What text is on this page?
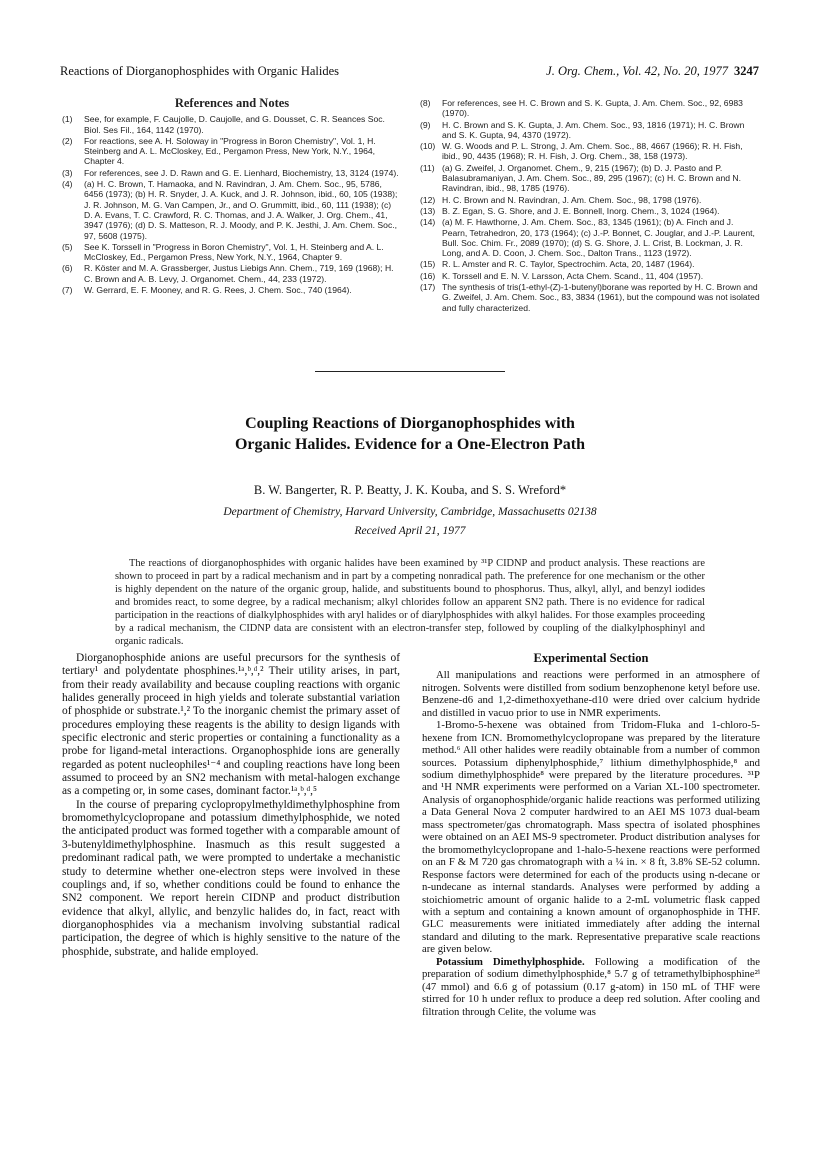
Reactions of Diorganophosphides with Organic Halides	J. Org. Chem., Vol. 42, No. 20, 1977 3247
References and Notes
(1)	See, for example, F. Caujolle, D. Caujolle, and G. Dousset, C. R. Seances Soc. Biol. Ses Fil., 164, 1142 (1970).
(2)	For reactions, see A. H. Soloway in "Progress in Boron Chemistry", Vol. 1, H. Steinberg and A. L. McCloskey, Ed., Pergamon Press, New York, N.Y., 1964, Chapter 4.
(3)	For references, see J. D. Rawn and G. E. Lienhard, Biochemistry, 13, 3124 (1974).
(4)	(a) H. C. Brown, T. Hamaoka, and N. Ravindran, J. Am. Chem. Soc., 95, 5786, 6456 (1973); (b) H. R. Snyder, J. A. Kuck, and J. R. Johnson, ibid., 60, 105 (1938); J. R. Johnson, M. G. Van Campen, Jr., and O. Grummitt, ibid., 60, 111 (1938); (c) D. A. Evans, T. C. Crawford, R. C. Thomas, and J. A. Walker, J. Org. Chem., 41, 3947 (1976); (d) D. S. Matteson, R. J. Moody, and P. K. Jesthi, J. Am. Chem. Soc., 97, 5608 (1975).
(5)	See K. Torssell in "Progress in Boron Chemistry", Vol. 1, H. Steinberg and A. L. McCloskey, Ed., Pergamon Press, New York, N.Y., 1964, Chapter 9.
(6)	R. Köster and M. A. Grassberger, Justus Liebigs Ann. Chem., 719, 169 (1968); H. C. Brown and A. B. Levy, J. Organomet. Chem., 44, 233 (1972).
(7)	W. Gerrard, E. F. Mooney, and R. G. Rees, J. Chem. Soc., 740 (1964).
(8)	For references, see H. C. Brown and S. K. Gupta, J. Am. Chem. Soc., 92, 6983 (1970).
(9)	H. C. Brown and S. K. Gupta, J. Am. Chem. Soc., 93, 1816 (1971); H. C. Brown and S. K. Gupta, 94, 4370 (1972).
(10) W. G. Woods and P. L. Strong, J. Am. Chem. Soc., 88, 4667 (1966); R. H. Fish, ibid., 90, 4435 (1968); R. H. Fish, J. Org. Chem., 38, 158 (1973).
(11) (a) G. Zweifel, J. Organomet. Chem., 9, 215 (1967); (b) D. J. Pasto and P. Balasubramaniyan, J. Am. Chem. Soc., 89, 295 (1967); (c) H. C. Brown and N. Ravindran, ibid., 98, 1785 (1976).
(12) H. C. Brown and N. Ravindran, J. Am. Chem. Soc., 98, 1798 (1976).
(13) B. Z. Egan, S. G. Shore, and J. E. Bonnell, Inorg. Chem., 3, 1024 (1964).
(14) (a) M. F. Hawthorne, J. Am. Chem. Soc., 83, 1345 (1961); (b) A. Finch and J. Pearn, Tetrahedron, 20, 173 (1964); (c) J.-P. Bonnet, C. Jouglar, and J.-P. Laurent, Bull. Soc. Chim. Fr., 2089 (1970); (d) S. G. Shore, J. L. Crist, B. Lockman, J. R. Long, and A. D. Coon, J. Chem. Soc., Dalton Trans., 1123 (1972).
(15) R. L. Amster and R. C. Taylor, Spectrochim. Acta, 20, 1487 (1964).
(16) K. Torssell and E. N. V. Larsson, Acta Chem. Scand., 11, 404 (1957).
(17) The synthesis of tris(1-ethyl-(Z)-1-butenyl)borane was reported by H. C. Brown and G. Zweifel, J. Am. Chem. Soc., 83, 3834 (1961), but the compound was not isolated and fully characterized.
Coupling Reactions of Diorganophosphides with
Organic Halides. Evidence for a One-Electron Path
B. W. Bangerter, R. P. Beatty, J. K. Kouba, and S. S. Wreford*
Department of Chemistry, Harvard University, Cambridge, Massachusetts 02138
Received April 21, 1977

The reactions of diorganophosphides with organic halides have been examined by ³¹P CIDNP and product analysis. These reactions are shown to proceed in part by a radical mechanism and in part by a competing nonradical path. The preference for one mechanism or the other is highly dependent on the nature of the organic group, halide, and substituents bound to phosphorus. Thus, alkyl, allyl, and benzyl iodides and bromides react, to some degree, by a radical mechanism; alkyl chlorides follow an apparent SN2 path. There is no evidence for radical participation in the reactions of dialkylphosphides with aryl halides or of diarylphosphides with alkyl halides. For those examples proceeding by a radical mechanism, the CIDNP data are consistent with an electron-transfer step, followed by coupling of the dialkylphosphinyl and organic radicals.

Diorganophosphide anions are useful precursors for the synthesis of tertiary¹ and polydentate phosphines.¹ᵃ,ᵇ,ᵈ,² Their utility arises, in part, from their ready availability and because coupling reactions with organic halides generally proceed in high yields and tolerate substantial variation of phosphide or substrate.¹,² To the inorganic chemist the primary asset of procedures employing these reagents is the ability to design ligands with specific electronic and steric properties or containing a functionality as a probe for ligand-metal interactions. Organophosphide ions are generally regarded as potent nucleophiles¹⁻⁴ and coupling reactions have long been assumed to proceed by an SN2 mechanism with metal-halogen exchange as a competing or, in some cases, dominant factor.¹ᵃ,ᵇ,ᵈ,⁵

In the course of preparing cyclopropylmethyldimethylphosphine from bromomethylcyclopropane and potassium dimethylphosphide, we noted the anticipated product was formed together with a comparable amount of 3-butenyldimethylphosphine. Inasmuch as this result suggested a predominant radical path, we were prompted to undertake a mechanistic study to determine whether one-electron steps were involved in these couplings and, if so, whether conditions could be found to enhance the SN2 component. We report herein CIDNP and product distribution evidence that alkyl, allylic, and benzylic halides do, in fact, react with diorganophosphides via a mechanism involving substantial radical participation, the degree of which is highly sensitive to the nature of the phosphide, substrate, and halide employed.

Experimental Section

All manipulations and reactions were performed in an atmosphere of nitrogen. Solvents were distilled from sodium benzophenone ketyl before use. Benzene-d6 and 1,2-dimethoxyethane-d10 were dried over calcium hydride and distilled in vacuo prior to use in NMR experiments.

1-Bromo-5-hexene was obtained from Tridom-Fluka and 1-chloro-5-hexene from ICN. Bromomethylcyclopropane was prepared by the literature method.⁶ All other halides were readily obtainable from a number of common sources. Potassium diphenylphosphide,⁷ lithium dimethylphosphide,⁸ and sodium dimethylphosphide⁸ were prepared by the literature procedures. ³¹P and ¹H NMR experiments were performed on a Varian XL-100 spectrometer. Analysis of organophosphide/organic halide reactions was performed utilizing a Data General Nova 2 computer hardwired to an AEI MS 1073 dual-beam mass spectrometer/gas chromatograph. Mass spectra of isolated phosphines were obtained on an AEI MS-9 spectrometer. Product distribution analyses for the bromomethylcyclopropane and 1-halo-5-hexene reactions were performed on an F & M 720 gas chromatograph with a ¼ in. × 8 ft, 3.8% SE-52 column. Response factors were determined for each of the products using n-decane or n-undecane as internal standards. Analyses were performed by adding a stoichiometric amount of organic halide to a 2-mL volumetric flask capped with a septum and containing a known amount of organophosphide in THF. GLC measurements were initiated immediately after adding the internal standard and diluting to the mark. Representative preparative scale reactions are given below.

Potassium Dimethylphosphide. Following a modification of the preparation of sodium dimethylphosphide,⁸ 5.7 g of tetramethylbiphosphine²ⁱ (47 mmol) and 6.6 g of potassium (0.17 g-atom) in 150 mL of THF were stirred for 10 h under reflux to produce a deep red solution. After cooling and filtration through Celite, the volume was
